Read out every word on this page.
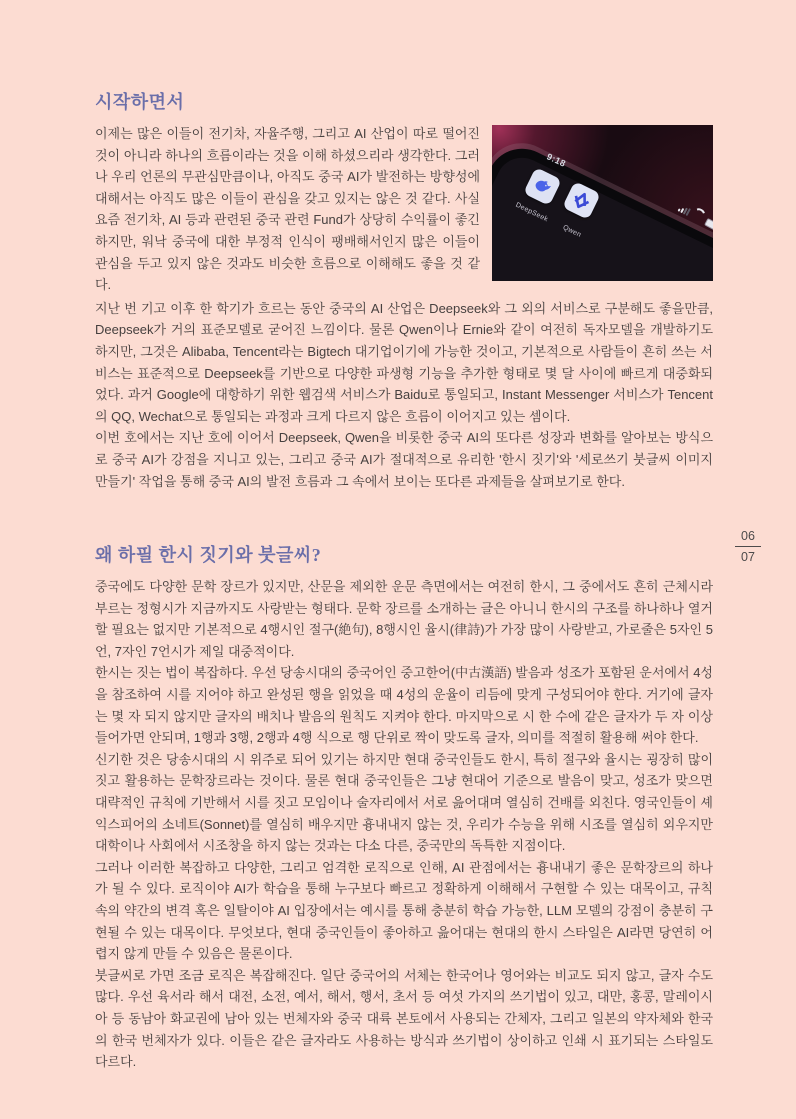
시작하면서

9:18
DeepSeek
Qwen
이제는 많은 이들이 전기차, 자율주행, 그리고 AI 산업이 따로 떨어진 것이 아니라 하나의 흐름이라는 것을 이해 하셨으리라 생각한다. 그러나 우리 언론의 무관심만큼이나, 아직도 중국 AI가 발전하는 방향성에 대해서는 아직도 많은 이들이 관심을 갖고 있지는 않은 것 같다. 사실 요즘 전기차, AI 등과 관련된 중국 관련 Fund가 상당히 수익률이 좋긴 하지만, 워낙 중국에 대한 부정적 인식이 팽배해서인지 많은 이들이 관심을 두고 있지 않은 것과도 비슷한 흐름으로 이해해도 좋을 것 같다.

지난 번 기고 이후 한 학기가 흐르는 동안 중국의 AI 산업은 Deepseek와 그 외의 서비스로 구분해도 좋을만큼, Deepseek가 거의 표준모델로 굳어진 느낌이다. 물론 Qwen이나 Ernie와 같이 여전히 독자모델을 개발하기도 하지만, 그것은 Alibaba, Tencent라는 Bigtech 대기업이기에 가능한 것이고, 기본적으로 사람들이 흔히 쓰는 서비스는 표준적으로 Deepseek를 기반으로 다양한 파생형 기능을 추가한 형태로 몇 달 사이에 빠르게 대중화되었다. 과거 Google에 대항하기 위한 웹검색 서비스가 Baidu로 통일되고, Instant Messenger 서비스가 Tencent의 QQ, Wechat으로 통일되는 과정과 크게 다르지 않은 흐름이 이어지고 있는 셈이다.

이번 호에서는 지난 호에 이어서 Deepseek, Qwen을 비롯한 중국 AI의 또다른 성장과 변화를 알아보는 방식으로 중국 AI가 강점을 지니고 있는, 그리고 중국 AI가 절대적으로 유리한 '한시 짓기'와 '세로쓰기 붓글씨 이미지 만들기' 작업을 통해 중국 AI의 발전 흐름과 그 속에서 보이는 또다른 과제들을 살펴보기로 한다.

왜 하필 한시 짓기와 붓글씨?

중국에도 다양한 문학 장르가 있지만, 산문을 제외한 운문 측면에서는 여전히 한시, 그 중에서도 흔히 근체시라 부르는 정형시가 지금까지도 사랑받는 형태다. 문학 장르를 소개하는 글은 아니니 한시의 구조를 하나하나 열거할 필요는 없지만 기본적으로 4행시인 절구(絶句), 8행시인 율시(律詩)가 가장 많이 사랑받고, 가로줄은 5자인 5언, 7자인 7언시가 제일 대중적이다.

한시는 짓는 법이 복잡하다. 우선 당송시대의 중국어인 중고한어(中古漢語) 발음과 성조가 포함된 운서에서 4성을 참조하여 시를 지어야 하고 완성된 행을 읽었을 때 4성의 운율이 리듬에 맞게 구성되어야 한다. 거기에 글자는 몇 자 되지 않지만 글자의 배치나 발음의 원칙도 지켜야 한다. 마지막으로 시 한 수에 같은 글자가 두 자 이상 들어가면 안되며, 1행과 3행, 2행과 4행 식으로 행 단위로 짝이 맞도록 글자, 의미를 적절히 활용해 써야 한다.

신기한 것은 당송시대의 시 위주로 되어 있기는 하지만 현대 중국인들도 한시, 특히 절구와 율시는 굉장히 많이 짓고 활용하는 문학장르라는 것이다. 물론 현대 중국인들은 그냥 현대어 기준으로 발음이 맞고, 성조가 맞으면 대략적인 규칙에 기반해서 시를 짓고 모임이나 술자리에서 서로 읊어대며 열심히 건배를 외친다. 영국인들이 셰익스피어의 소네트(Sonnet)를 열심히 배우지만 흉내내지 않는 것, 우리가 수능을 위해 시조를 열심히 외우지만 대학이나 사회에서 시조창을 하지 않는 것과는 다소 다른, 중국만의 독특한 지점이다.

그러나 이러한 복잡하고 다양한, 그리고 엄격한 로직으로 인해, AI 관점에서는 흉내내기 좋은 문학장르의 하나가 될 수 있다. 로직이야 AI가 학습을 통해 누구보다 빠르고 정확하게 이해해서 구현할 수 있는 대목이고, 규칙 속의 약간의 변격 혹은 일탈이야 AI 입장에서는 예시를 통해 충분히 학습 가능한, LLM 모델의 강점이 충분히 구현될 수 있는 대목이다. 무엇보다, 현대 중국인들이 좋아하고 읊어대는 현대의 한시 스타일은 AI라면 당연히 어렵지 않게 만들 수 있음은 물론이다.

붓글씨로 가면 조금 로직은 복잡해진다. 일단 중국어의 서체는 한국어나 영어와는 비교도 되지 않고, 글자 수도 많다. 우선 육서라 해서 대전, 소전, 예서, 해서, 행서, 초서 등 여섯 가지의 쓰기법이 있고, 대만, 홍콩, 말레이시아 등 동남아 화교권에 남아 있는 번체자와 중국 대륙 본토에서 사용되는 간체자, 그리고 일본의 약자체와 한국의 한국 번체자가 있다. 이들은 같은 글자라도 사용하는 방식과 쓰기법이 상이하고 인쇄 시 표기되는 스타일도 다르다.

06
07
